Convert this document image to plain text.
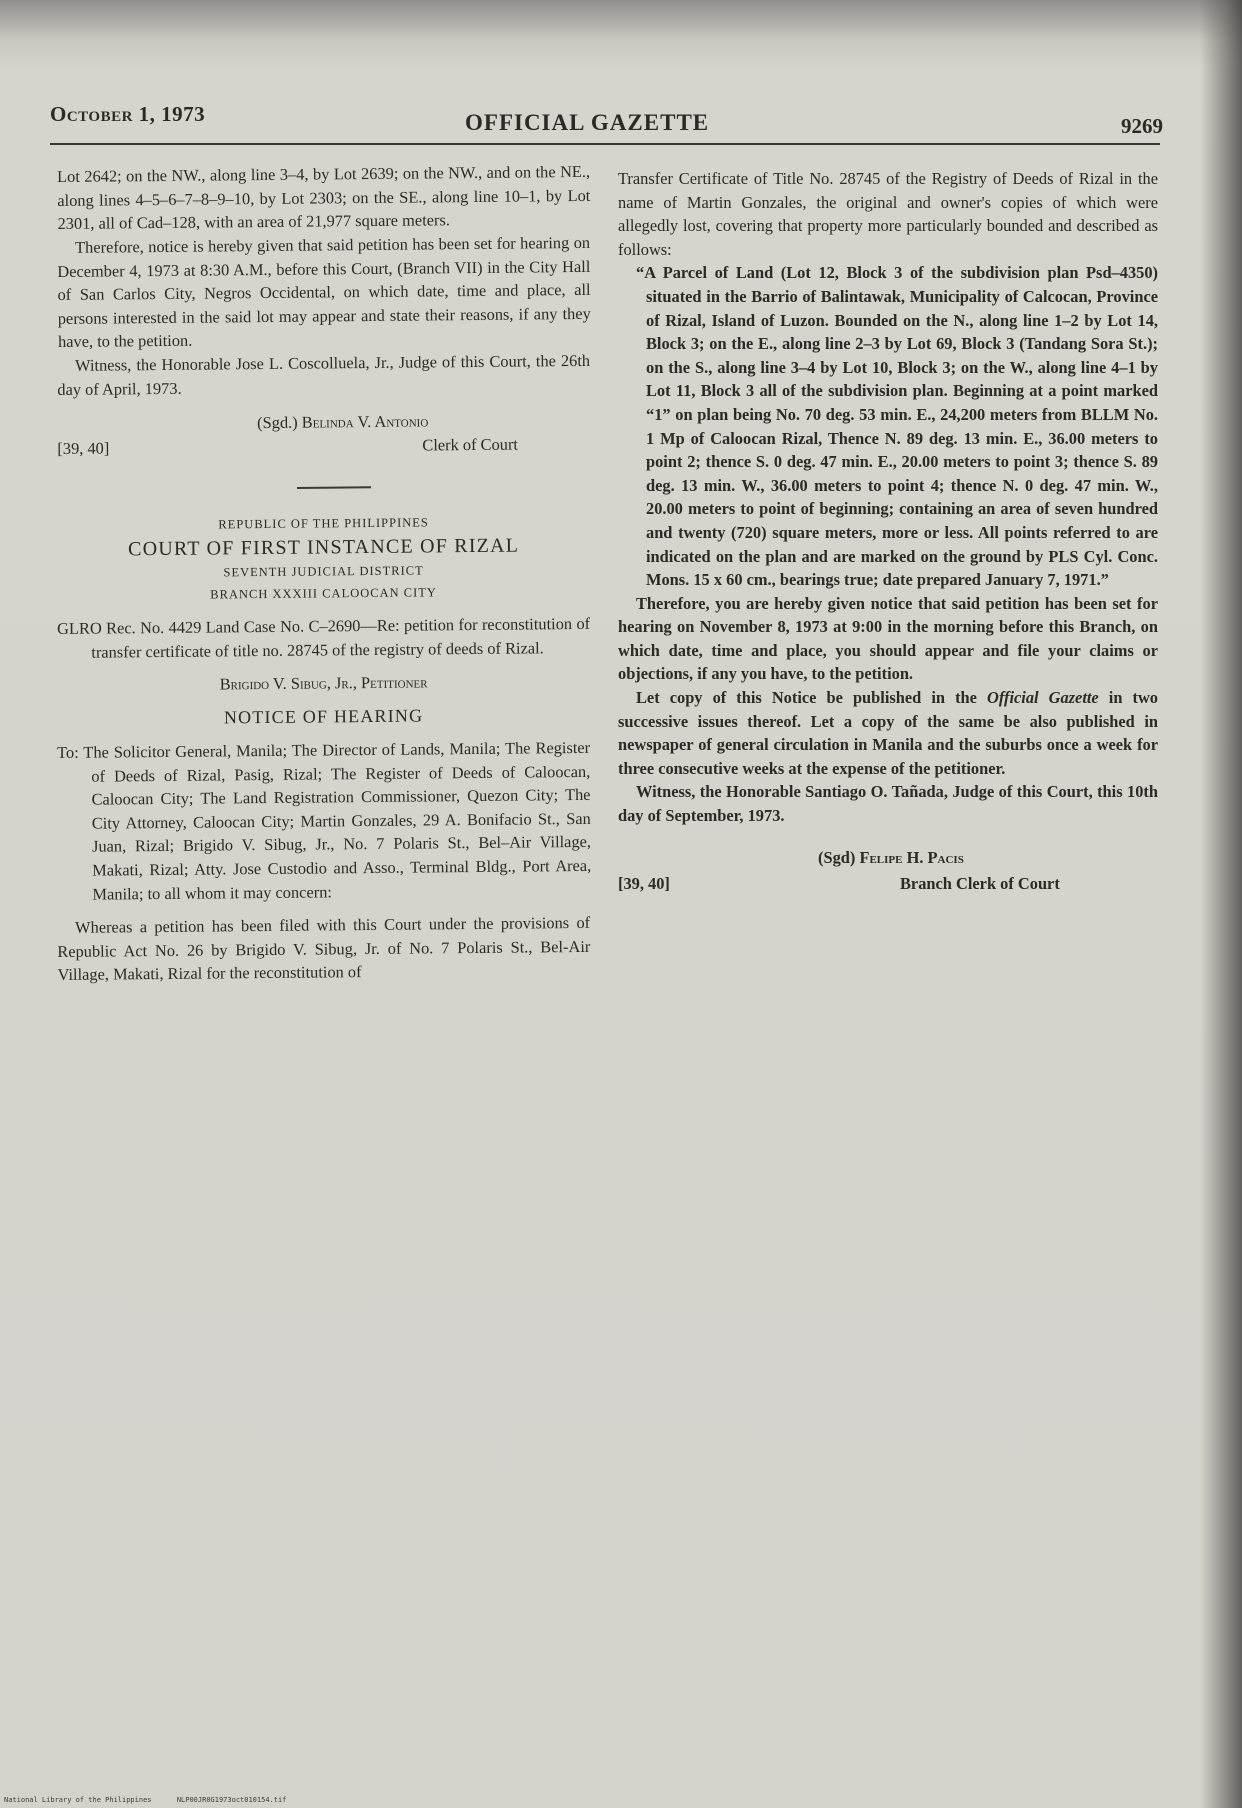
October 1, 1973	OFFICIAL GAZETTE	9269

Lot 2642; on the NW., along line 3–4, by Lot 2639; on the NW., and on the NE., along lines 4–5–6–7–8–9–10, by Lot 2303; on the SE., along line 10–1, by Lot 2301, all of Cad–128, with an area of 21,977 square meters.

Therefore, notice is hereby given that said petition has been set for hearing on December 4, 1973 at 8:30 A.M., before this Court, (Branch VII) in the City Hall of San Carlos City, Negros Occidental, on which date, time and place, all persons interested in the said lot may appear and state their reasons, if any they have, to the petition.

Witness, the Honorable Jose L. Coscolluela, Jr., Judge of this Court, the 26th day of April, 1973.

(Sgd.) Belinda V. Antonio
[39, 40]	Clerk of Court
REPUBLIC OF THE PHILIPPINES
COURT OF FIRST INSTANCE OF RIZAL
SEVENTH JUDICIAL DISTRICT
BRANCH XXXIII CALOOCAN CITY

GLRO Rec. No. 4429 Land Case No. C–2690—Re: petition for reconstitution of transfer certificate of title no. 28745 of the registry of deeds of Rizal.

Brigido V. Sibug, Jr., Petitioner
NOTICE OF HEARING

To: The Solicitor General, Manila; The Director of Lands, Manila; The Register of Deeds of Rizal, Pasig, Rizal; The Register of Deeds of Caloocan, Caloocan City; The Land Registration Commissioner, Quezon City; The City Attorney, Caloocan City; Martin Gonzales, 29 A. Bonifacio St., San Juan, Rizal; Brigido V. Sibug, Jr., No. 7 Polaris St., Bel–Air Village, Makati, Rizal; Atty. Jose Custodio and Asso., Terminal Bldg., Port Area, Manila; to all whom it may concern:

Whereas a petition has been filed with this Court under the provisions of Republic Act No. 26 by Brigido V. Sibug, Jr. of No. 7 Polaris St., Bel-Air Village, Makati, Rizal for the reconstitution of

Transfer Certificate of Title No. 28745 of the Registry of Deeds of Rizal in the name of Martin Gonzales, the original and owner's copies of which were allegedly lost, covering that property more particularly bounded and described as follows:

“A Parcel of Land (Lot 12, Block 3 of the subdivision plan Psd–4350) situated in the Barrio of Balintawak, Municipality of Calcocan, Province of Rizal, Island of Luzon. Bounded on the N., along line 1–2 by Lot 14, Block 3; on the E., along line 2–3 by Lot 69, Block 3 (Tandang Sora St.); on the S., along line 3–4 by Lot 10, Block 3; on the W., along line 4–1 by Lot 11, Block 3 all of the subdivision plan. Beginning at a point marked “1” on plan being No. 70 deg. 53 min. E., 24,200 meters from BLLM No. 1 Mp of Caloocan Rizal, Thence N. 89 deg. 13 min. E., 36.00 meters to point 2; thence S. 0 deg. 47 min. E., 20.00 meters to point 3; thence S. 89 deg. 13 min. W., 36.00 meters to point 4; thence N. 0 deg. 47 min. W., 20.00 meters to point of beginning; containing an area of seven hundred and twenty (720) square meters, more or less. All points referred to are indicated on the plan and are marked on the ground by PLS Cyl. Conc. Mons. 15 x 60 cm., bearings true; date prepared January 7, 1971.”

Therefore, you are hereby given notice that said petition has been set for hearing on November 8, 1973 at 9:00 in the morning before this Branch, on which date, time and place, you should appear and file your claims or objections, if any you have, to the petition.

Let copy of this Notice be published in the Official Gazette in two successive issues thereof. Let a copy of the same be also published in newspaper of general circulation in Manila and the suburbs once a week for three consecutive weeks at the expense of the petitioner.

Witness, the Honorable Santiago O. Tañada, Judge of this Court, this 10th day of September, 1973.

(Sgd) Felipe H. Pacis
[39, 40]	Branch Clerk of Court
National Library of the Philippines	NLP00JR0G1973oct010154.tif
